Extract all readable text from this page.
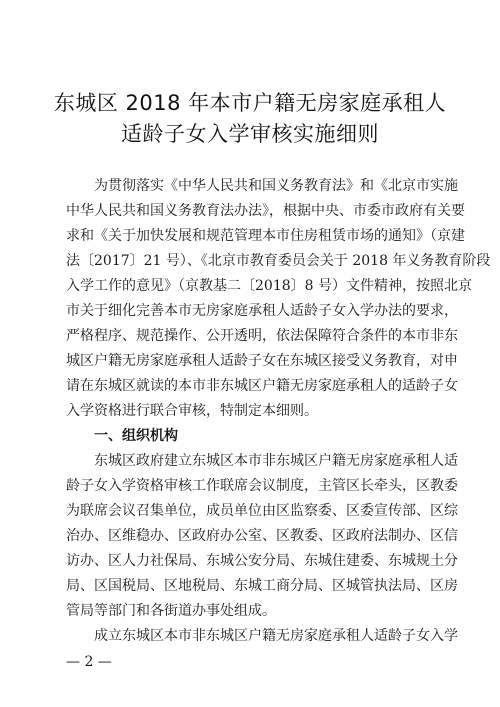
东城区 2018 年本市户籍无房家庭承租人
适龄子女入学审核实施细则
为贯彻落实《中华人民共和国义务教育法》和《北京市实施
中华人民共和国义务教育法办法》，根据中央、市委市政府有关要
求和《关于加快发展和规范管理本市住房租赁市场的通知》（京建
法〔2017〕21 号）、《北京市教育委员会关于 2018 年义务教育阶段
入学工作的意见》（京教基二〔2018〕8 号）文件精神，按照北京
市关于细化完善本市无房家庭承租人适龄子女入学办法的要求，
严格程序、规范操作、公开透明，依法保障符合条件的本市非东
城区户籍无房家庭承租人适龄子女在东城区接受义务教育，对申
请在东城区就读的本市非东城区户籍无房家庭承租人的适龄子女
入学资格进行联合审核，特制定本细则。
一、组织机构
东城区政府建立东城区本市非东城区户籍无房家庭承租人适
龄子女入学资格审核工作联席会议制度，主管区长牵头，区教委
为联席会议召集单位，成员单位由区监察委、区委宣传部、区综
治办、区维稳办、区政府办公室、区教委、区政府法制办、区信
访办、区人力社保局、东城公安分局、东城住建委、东城规土分
局、区国税局、区地税局、东城工商分局、区城管执法局、区房
管局等部门和各街道办事处组成。
成立东城区本市非东城区户籍无房家庭承租人适龄子女入学
— 2 —
